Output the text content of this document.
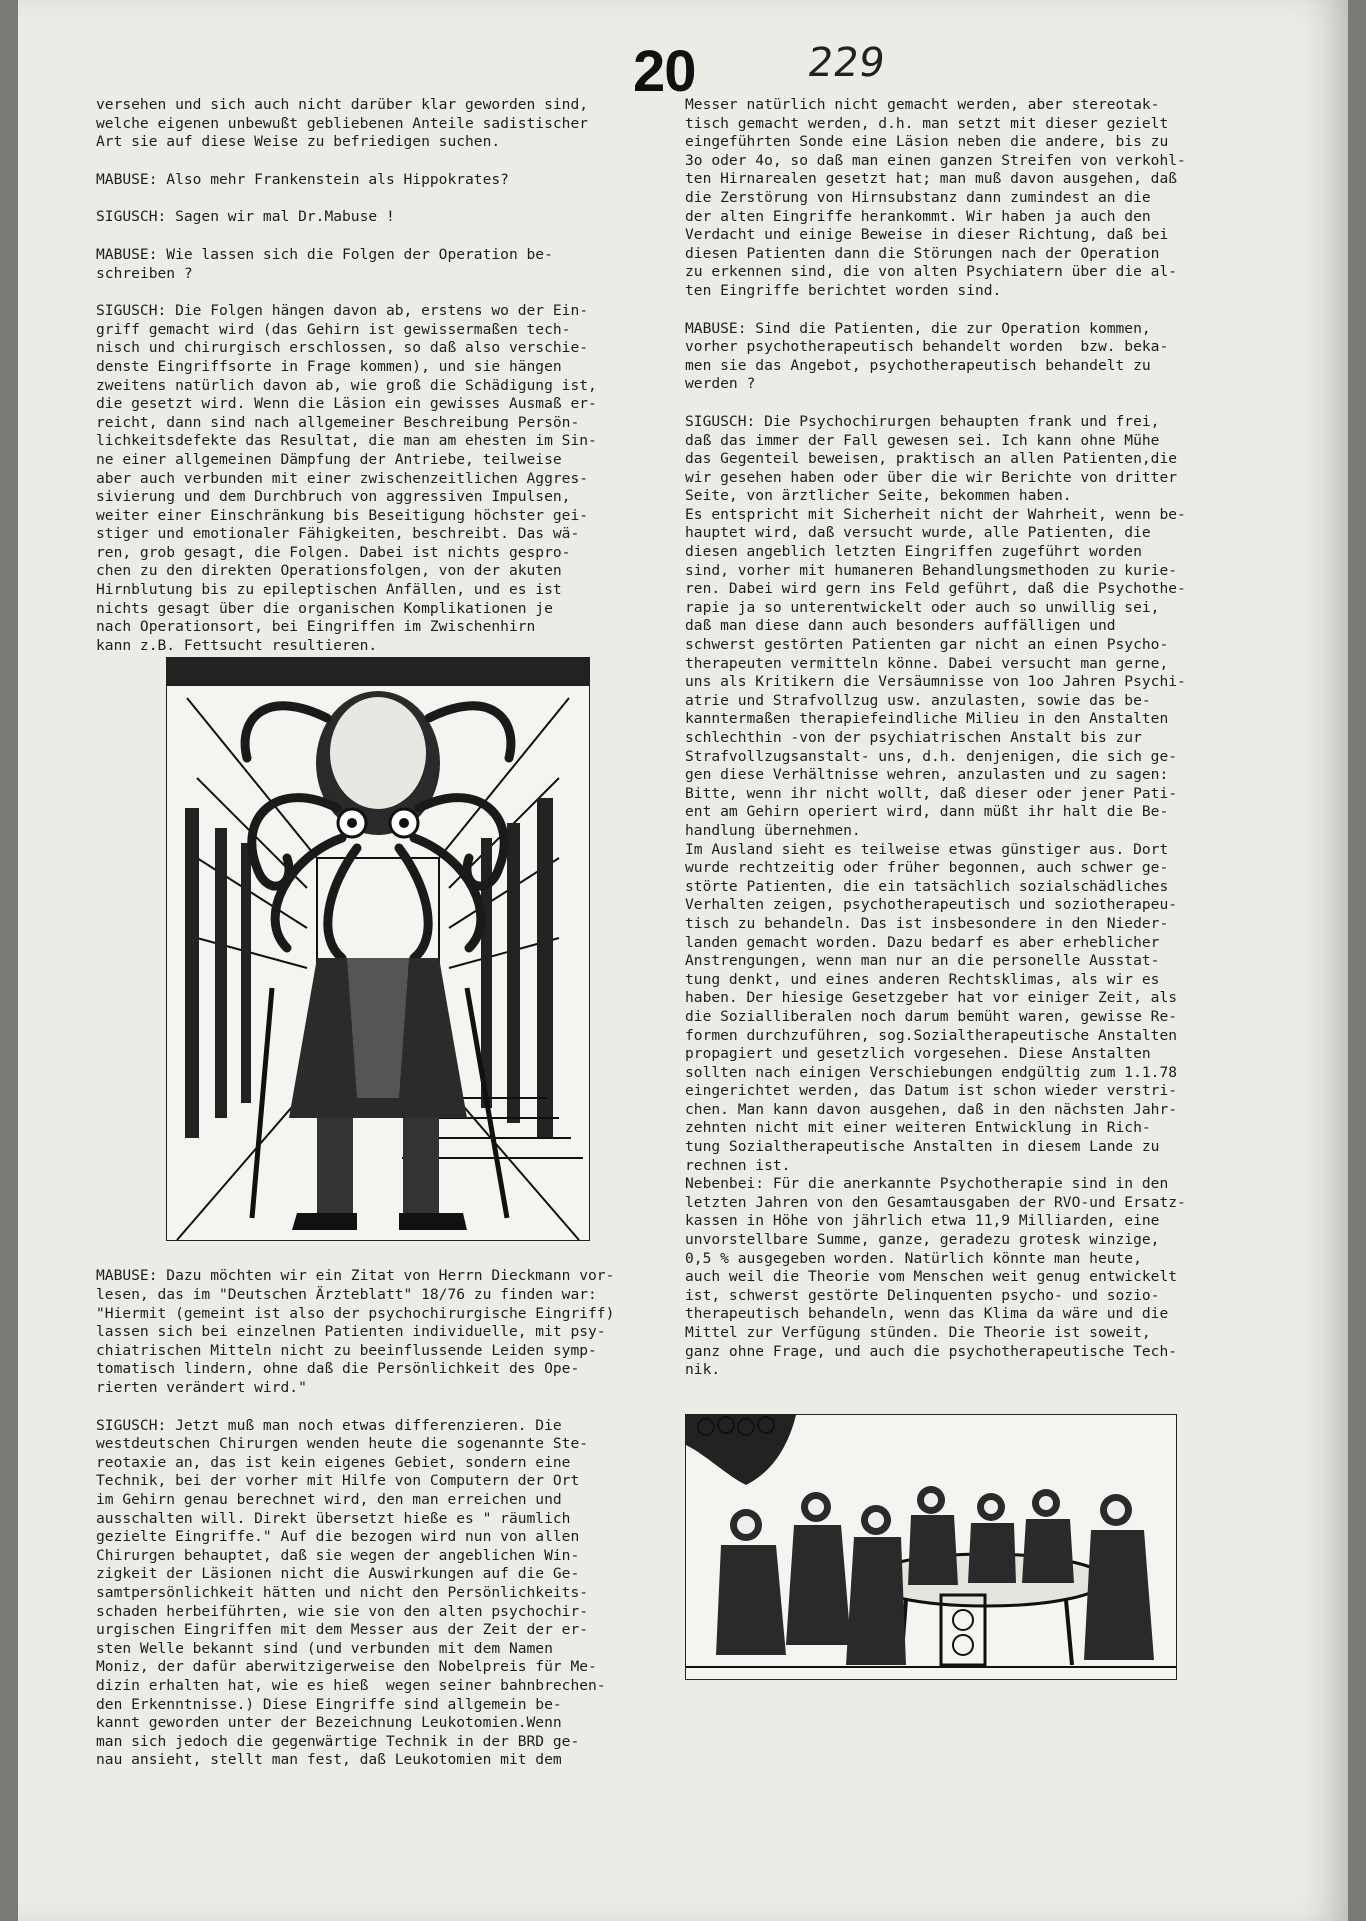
20	229

versehen und sich auch nicht darüber klar geworden sind,
welche eigenen unbewußt gebliebenen Anteile sadistischer
Art sie auf diese Weise zu befriedigen suchen.

MABUSE: Also mehr Frankenstein als Hippokrates?

SIGUSCH: Sagen wir mal Dr.Mabuse !

MABUSE: Wie lassen sich die Folgen der Operation be-
schreiben ?

SIGUSCH: Die Folgen hängen davon ab, erstens wo der Ein-
griff gemacht wird (das Gehirn ist gewissermaßen tech-
nisch und chirurgisch erschlossen, so daß also verschie-
denste Eingriffsorte in Frage kommen), und sie hängen
zweitens natürlich davon ab, wie groß die Schädigung ist,
die gesetzt wird. Wenn die Läsion ein gewisses Ausmaß er-
reicht, dann sind nach allgemeiner Beschreibung Persön-
lichkeitsdefekte das Resultat, die man am ehesten im Sin-
ne einer allgemeinen Dämpfung der Antriebe, teilweise
aber auch verbunden mit einer zwischenzeitlichen Aggres-
sivierung und dem Durchbruch von aggressiven Impulsen,
weiter einer Einschränkung bis Beseitigung höchster gei-
stiger und emotionaler Fähigkeiten, beschreibt. Das wä-
ren, grob gesagt, die Folgen. Dabei ist nichts gespro-
chen zu den direkten Operationsfolgen, von der akuten
Hirnblutung bis zu epileptischen Anfällen, und es ist
nichts gesagt über die organischen Komplikationen je
nach Operationsort, bei Eingriffen im Zwischenhirn
kann z.B. Fettsucht resultieren.

MABUSE: Dazu möchten wir ein Zitat von Herrn Dieckmann vor-
lesen, das im "Deutschen Ärzteblatt" 18/76 zu finden war:
"Hiermit (gemeint ist also der psychochirurgische Eingriff)
lassen sich bei einzelnen Patienten individuelle, mit psy-
chiatrischen Mitteln nicht zu beeinflussende Leiden symp-
tomatisch lindern, ohne daß die Persönlichkeit des Ope-
rierten verändert wird."

SIGUSCH: Jetzt muß man noch etwas differenzieren. Die
westdeutschen Chirurgen wenden heute die sogenannte Ste-
reotaxie an, das ist kein eigenes Gebiet, sondern eine
Technik, bei der vorher mit Hilfe von Computern der Ort
im Gehirn genau berechnet wird, den man erreichen und
ausschalten will. Direkt übersetzt hieße es " räumlich
gezielte Eingriffe." Auf die bezogen wird nun von allen
Chirurgen behauptet, daß sie wegen der angeblichen Win-
zigkeit der Läsionen nicht die Auswirkungen auf die Ge-
samtpersönlichkeit hätten und nicht den Persönlichkeits-
schaden herbeiführten, wie sie von den alten psychochir-
urgischen Eingriffen mit dem Messer aus der Zeit der er-
sten Welle bekannt sind (und verbunden mit dem Namen
Moniz, der dafür aberwitzigerweise den Nobelpreis für Me-
dizin erhalten hat, wie es hieß  wegen seiner bahnbrechen-
den Erkenntnisse.) Diese Eingriffe sind allgemein be-
kannt geworden unter der Bezeichnung Leukotomien.Wenn
man sich jedoch die gegenwärtige Technik in der BRD ge-
nau ansieht, stellt man fest, daß Leukotomien mit dem

Messer natürlich nicht gemacht werden, aber stereotak-
tisch gemacht werden, d.h. man setzt mit dieser gezielt
eingeführten Sonde eine Läsion neben die andere, bis zu
3o oder 4o, so daß man einen ganzen Streifen von verkohl-
ten Hirnarealen gesetzt hat; man muß davon ausgehen, daß
die Zerstörung von Hirnsubstanz dann zumindest an die
der alten Eingriffe herankommt. Wir haben ja auch den
Verdacht und einige Beweise in dieser Richtung, daß bei
diesen Patienten dann die Störungen nach der Operation
zu erkennen sind, die von alten Psychiatern über die al-
ten Eingriffe berichtet worden sind.

MABUSE: Sind die Patienten, die zur Operation kommen,
vorher psychotherapeutisch behandelt worden  bzw. beka-
men sie das Angebot, psychotherapeutisch behandelt zu
werden ?

SIGUSCH: Die Psychochirurgen behaupten frank und frei,
daß das immer der Fall gewesen sei. Ich kann ohne Mühe
das Gegenteil beweisen, praktisch an allen Patienten,die
wir gesehen haben oder über die wir Berichte von dritter
Seite, von ärztlicher Seite, bekommen haben.
Es entspricht mit Sicherheit nicht der Wahrheit, wenn be-
hauptet wird, daß versucht wurde, alle Patienten, die
diesen angeblich letzten Eingriffen zugeführt worden
sind, vorher mit humaneren Behandlungsmethoden zu kurie-
ren. Dabei wird gern ins Feld geführt, daß die Psychothe-
rapie ja so unterentwickelt oder auch so unwillig sei,
daß man diese dann auch besonders auffälligen und
schwerst gestörten Patienten gar nicht an einen Psycho-
therapeuten vermitteln könne. Dabei versucht man gerne,
uns als Kritikern die Versäumnisse von 1oo Jahren Psychi-
atrie und Strafvollzug usw. anzulasten, sowie das be-
kanntermaßen therapiefeindliche Milieu in den Anstalten
schlechthin -von der psychiatrischen Anstalt bis zur
Strafvollzugsanstalt- uns, d.h. denjenigen, die sich ge-
gen diese Verhältnisse wehren, anzulasten und zu sagen:
Bitte, wenn ihr nicht wollt, daß dieser oder jener Pati-
ent am Gehirn operiert wird, dann müßt ihr halt die Be-
handlung übernehmen.
Im Ausland sieht es teilweise etwas günstiger aus. Dort
wurde rechtzeitig oder früher begonnen, auch schwer ge-
störte Patienten, die ein tatsächlich sozialschädliches
Verhalten zeigen, psychotherapeutisch und soziotherapeu-
tisch zu behandeln. Das ist insbesondere in den Nieder-
landen gemacht worden. Dazu bedarf es aber erheblicher
Anstrengungen, wenn man nur an die personelle Ausstat-
tung denkt, und eines anderen Rechtsklimas, als wir es
haben. Der hiesige Gesetzgeber hat vor einiger Zeit, als
die Sozialliberalen noch darum bemüht waren, gewisse Re-
formen durchzuführen, sog.Sozialtherapeutische Anstalten
propagiert und gesetzlich vorgesehen. Diese Anstalten
sollten nach einigen Verschiebungen endgültig zum 1.1.78
eingerichtet werden, das Datum ist schon wieder verstri-
chen. Man kann davon ausgehen, daß in den nächsten Jahr-
zehnten nicht mit einer weiteren Entwicklung in Rich-
tung Sozialtherapeutische Anstalten in diesem Lande zu
rechnen ist.
Nebenbei: Für die anerkannte Psychotherapie sind in den
letzten Jahren von den Gesamtausgaben der RVO-und Ersatz-
kassen in Höhe von jährlich etwa 11,9 Milliarden, eine
unvorstellbare Summe, ganze, geradezu grotesk winzige,
0,5 % ausgegeben worden. Natürlich könnte man heute,
auch weil die Theorie vom Menschen weit genug entwickelt
ist, schwerst gestörte Delinquenten psycho- und sozio-
therapeutisch behandeln, wenn das Klima da wäre und die
Mittel zur Verfügung stünden. Die Theorie ist soweit,
ganz ohne Frage, und auch die psychotherapeutische Tech-
nik.
